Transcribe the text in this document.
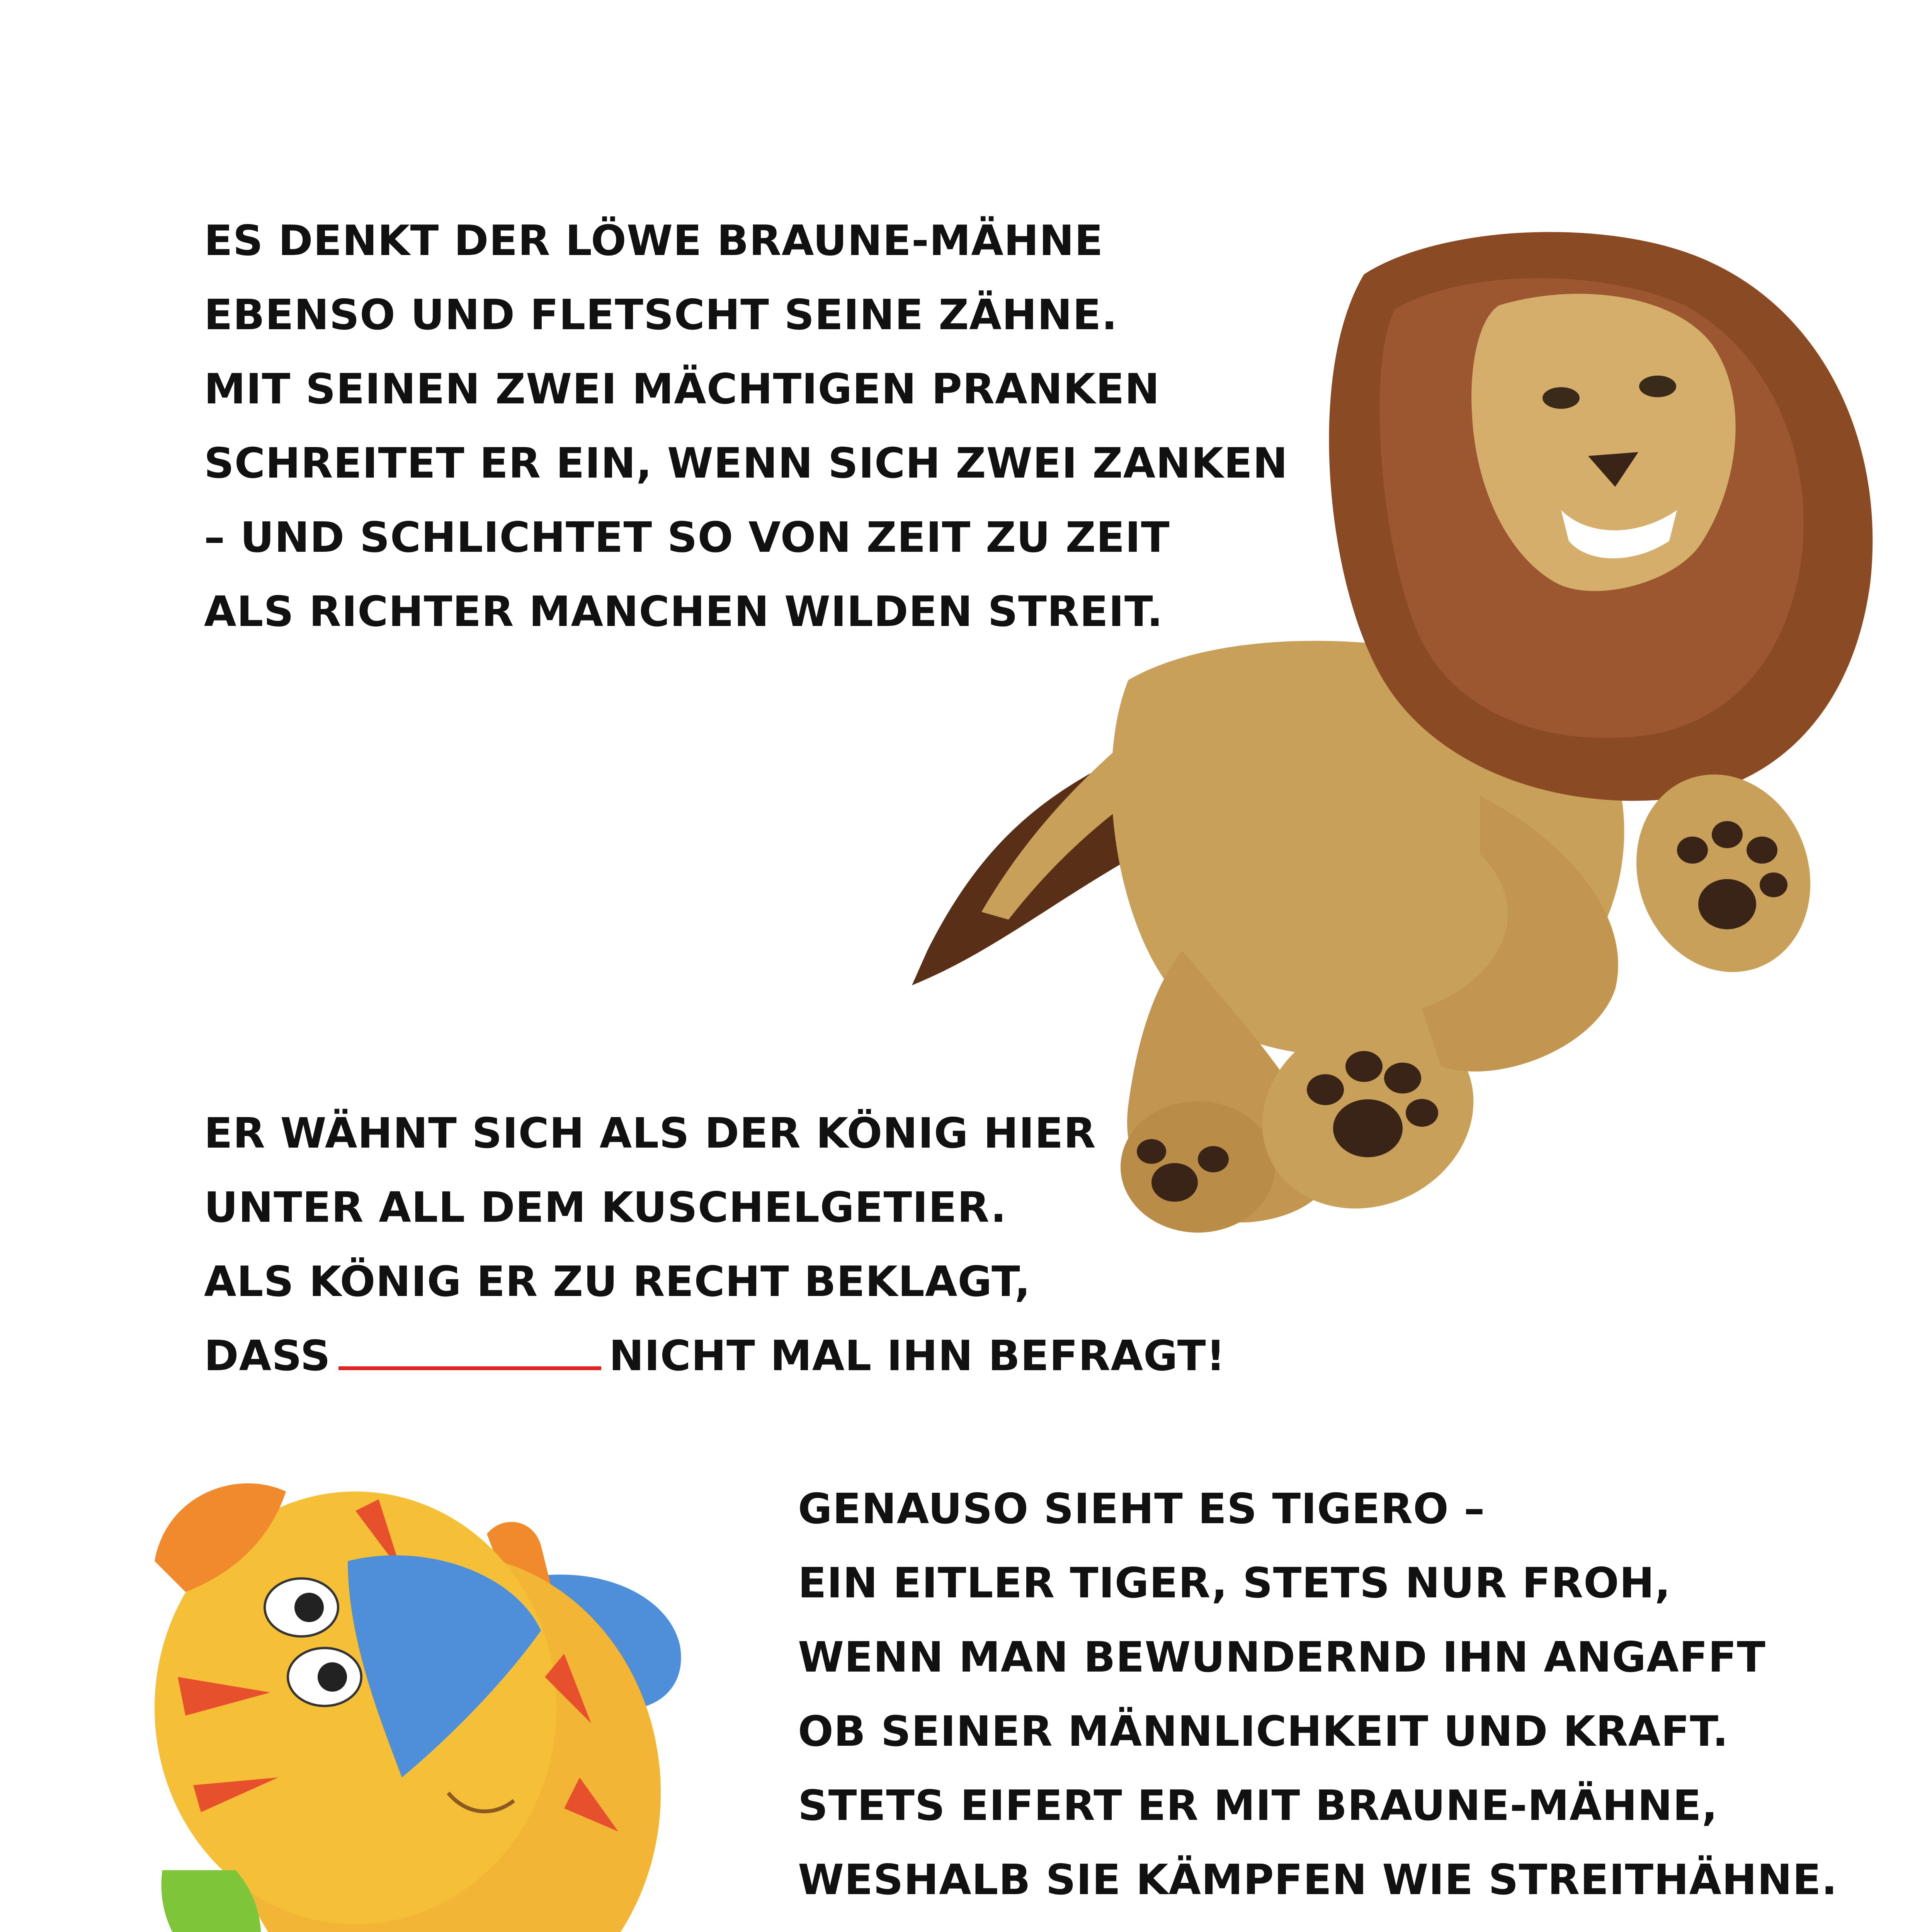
ES DENKT DER LÖWE BRAUNE-MÄHNE
EBENSO UND FLETSCHT SEINE ZÄHNE.
MIT SEINEN ZWEI MÄCHTIGEN PRANKEN
SCHREITET ER EIN, WENN SICH ZWEI ZANKEN
– UND SCHLICHTET SO VON ZEIT ZU ZEIT
ALS RICHTER MANCHEN WILDEN STREIT.
ER WÄHNT SICH ALS DER KÖNIG HIER
UNTER ALL DEM KUSCHELGETIER.
ALS KÖNIG ER ZU RECHT BEKLAGT,
DASS	NICHT MAL IHN BEFRAGT!
GENAUSO SIEHT ES TIGERO –
EIN EITLER TIGER, STETS NUR FROH,
WENN MAN BEWUNDERND IHN ANGAFFT
OB SEINER MÄNNLICHKEIT UND KRAFT.
STETS EIFERT ER MIT BRAUNE-MÄHNE,
WESHALB SIE KÄMPFEN WIE STREITHÄHNE.
